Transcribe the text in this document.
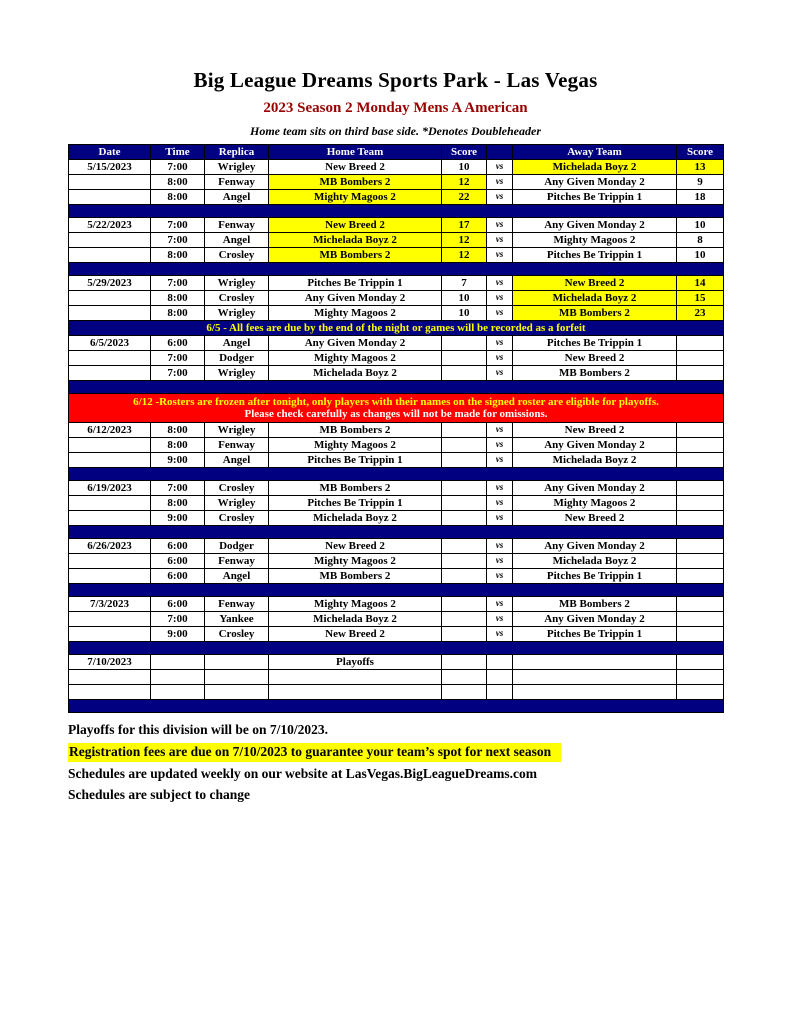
Big League Dreams Sports Park - Las Vegas
2023 Season 2 Monday Mens A American
Home team sits on third base side. *Denotes Doubleheader
Date	Time	Replica	Home Team	Score		Away Team	Score
5/15/2023	7:00	Wrigley	New Breed 2	10	vs	Michelada Boyz 2	13
	8:00	Fenway	MB Bombers 2	12	vs	Any Given Monday 2	9
	8:00	Angel	Mighty Magoos 2	22	vs	Pitches Be Trippin 1	18

5/22/2023	7:00	Fenway	New Breed 2	17	vs	Any Given Monday 2	10
	7:00	Angel	Michelada Boyz 2	12	vs	Mighty Magoos 2	8
	8:00	Crosley	MB Bombers 2	12	vs	Pitches Be Trippin 1	10

5/29/2023	7:00	Wrigley	Pitches Be Trippin 1	7	vs	New Breed 2	14
	8:00	Crosley	Any Given Monday 2	10	vs	Michelada Boyz 2	15
	8:00	Wrigley	Mighty Magoos 2	10	vs	MB Bombers 2	23
6/5 - All fees are due by the end of the night or games will be recorded as a forfeit							
6/5/2023	6:00	Angel	Any Given Monday 2		vs	Pitches Be Trippin 1	
	7:00	Dodger	Mighty Magoos 2		vs	New Breed 2	
	7:00	Wrigley	Michelada Boyz 2		vs	MB Bombers 2	

6/12 -Rosters are frozen after tonight, only players with their names on the signed roster are eligible for playoffs.
Please check carefully as changes will not be made for omissions.							

6/12/2023	8:00	Wrigley	MB Bombers 2		vs	New Breed 2	
	8:00	Fenway	Mighty Magoos 2		vs	Any Given Monday 2	
	9:00	Angel	Pitches Be Trippin 1		vs	Michelada Boyz 2	

6/19/2023	7:00	Crosley	MB Bombers 2		vs	Any Given Monday 2	
	8:00	Wrigley	Pitches Be Trippin 1		vs	Mighty Magoos 2	
	9:00	Crosley	Michelada Boyz 2		vs	New Breed 2	

6/26/2023	6:00	Dodger	New Breed 2		vs	Any Given Monday 2	
	6:00	Fenway	Mighty Magoos 2		vs	Michelada Boyz 2	
	6:00	Angel	MB Bombers 2		vs	Pitches Be Trippin 1	

7/3/2023	6:00	Fenway	Mighty Magoos 2		vs	MB Bombers 2	
	7:00	Yankee	Michelada Boyz 2		vs	Any Given Monday 2	
	9:00	Crosley	New Breed 2		vs	Pitches Be Trippin 1	

7/10/2023			Playoffs				

Playoffs for this division will be on 7/10/2023.
Registration fees are due on 7/10/2023 to guarantee your team’s spot for next season
Schedules are updated weekly on our website at LasVegas.BigLeagueDreams.com
Schedules are subject to change
